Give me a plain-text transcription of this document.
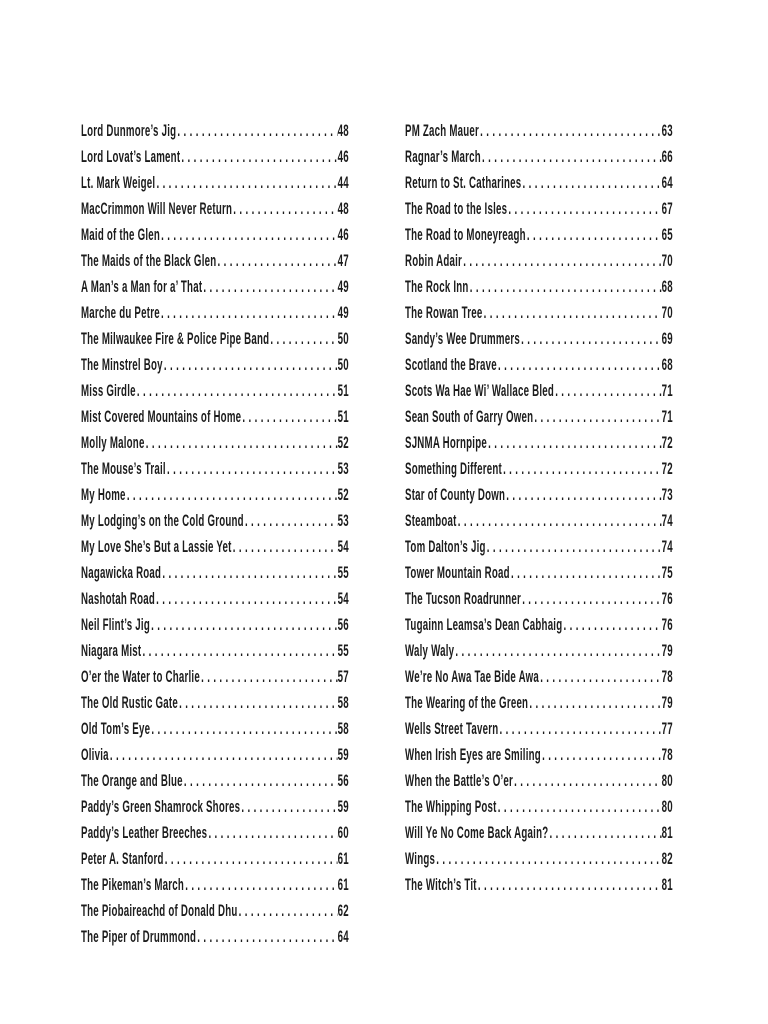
Lord Dunmore’s Jig .....	48
Lord Lovat’s Lament .....	46
Lt. Mark Weigel .....	44
MacCrimmon Will Never Return .....	48
Maid of the Glen .....	46
The Maids of the Black Glen .....	47
A Man’s a Man for a’ That .....	49
Marche du Petre .....	49
The Milwaukee Fire & Police Pipe Band .....	50
The Minstrel Boy .....	50
Miss Girdle .....	51
Mist Covered Mountains of Home .....	51
Molly Malone .....	52
The Mouse’s Trail .....	53
My Home .....	52
My Lodging’s on the Cold Ground .....	53
My Love She’s But a Lassie Yet .....	54
Nagawicka Road .....	55
Nashotah Road .....	54
Neil Flint’s Jig .....	56
Niagara Mist .....	55
O’er the Water to Charlie .....	57
The Old Rustic Gate .....	58
Old Tom’s Eye .....	58
Olivia .....	59
The Orange and Blue .....	56
Paddy’s Green Shamrock Shores .....	59
Paddy’s Leather Breeches .....	60
Peter A. Stanford .....	61
The Pikeman’s March .....	61
The Piobaireachd of Donald Dhu .....	62
The Piper of Drummond .....	64
PM Zach Mauer .....	63
Ragnar’s March .....	66
Return to St. Catharines .....	64
The Road to the Isles .....	67
The Road to Moneyreagh .....	65
Robin Adair .....	70
The Rock Inn .....	68
The Rowan Tree .....	70
Sandy’s Wee Drummers .....	69
Scotland the Brave .....	68
Scots Wa Hae Wi’ Wallace Bled .....	71
Sean South of Garry Owen .....	71
SJNMA Hornpipe .....	72
Something Different .....	72
Star of County Down .....	73
Steamboat .....	74
Tom Dalton’s Jig .....	74
Tower Mountain Road .....	75
The Tucson Roadrunner .....	76
Tugainn Leamsa’s Dean Cabhaig .....	76
Waly Waly .....	79
We’re No Awa Tae Bide Awa .....	78
The Wearing of the Green .....	79
Wells Street Tavern .....	77
When Irish Eyes are Smiling .....	78
When the Battle’s O’er .....	80
The Whipping Post .....	80
Will Ye No Come Back Again? .....	81
Wings .....	82
The Witch’s Tit .....	81
